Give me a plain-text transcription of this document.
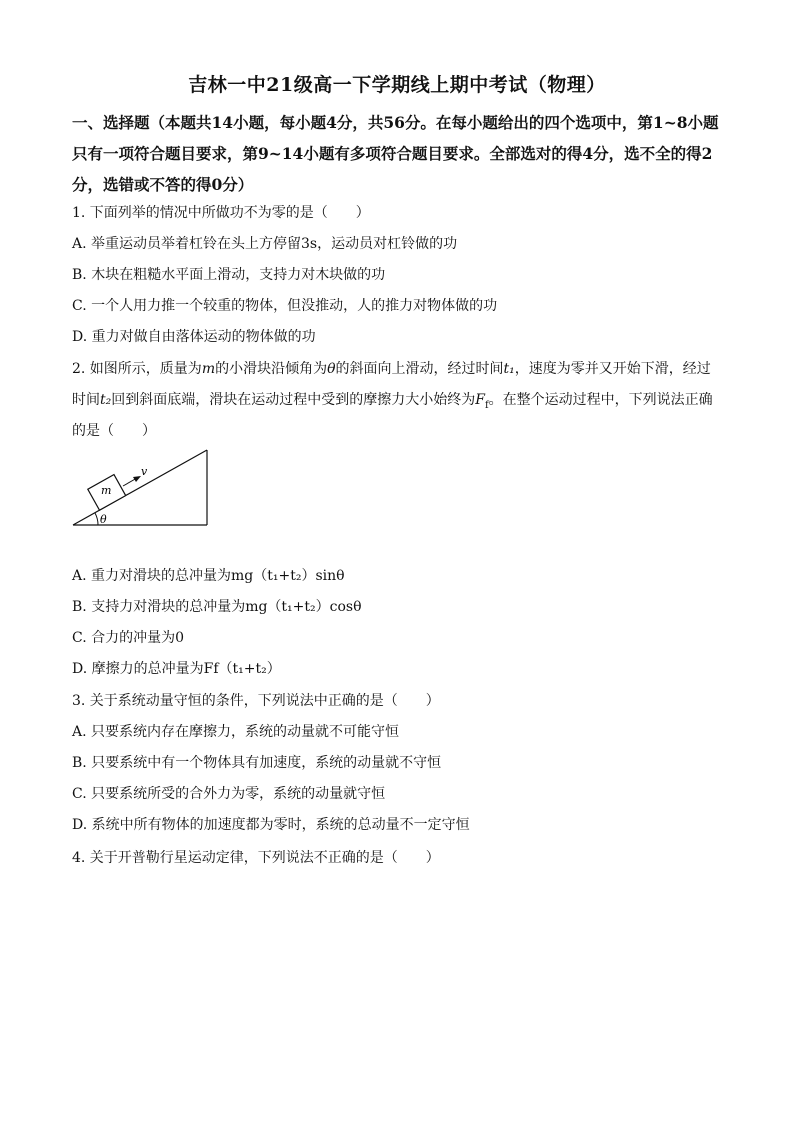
吉林一中21级高一下学期线上期中考试（物理）
一、选择题（本题共14小题，每小题4分，共56分。在每小题给出的四个选项中，第1~8小题只有一项符合题目要求，第9~14小题有多项符合题目要求。全部选对的得4分，选不全的得2分，选错或不答的得0分）
1. 下面列举的情况中所做功不为零的是（　　）
A. 举重运动员举着杠铃在头上方停留3s，运动员对杠铃做的功
B. 木块在粗糙水平面上滑动，支持力对木块做的功
C. 一个人用力推一个较重的物体，但没推动，人的推力对物体做的功
D. 重力对做自由落体运动的物体做的功
2. 如图所示，质量为m的小滑块沿倾角为θ的斜面向上滑动，经过时间t₁，速度为零并又开始下滑，经过
时间t₂回到斜面底端，滑块在运动过程中受到的摩擦力大小始终为$F_f$。在整个运动过程中，下列说法正确
的是（　　）
m
v
θ
A. 重力对滑块的总冲量为mg（t₁+t₂）sinθ
B. 支持力对滑块的总冲量为mg（t₁+t₂）cosθ
C. 合力的冲量为0
D. 摩擦力的总冲量为Ff（t₁+t₂）
3. 关于系统动量守恒的条件，下列说法中正确的是（　　）
A. 只要系统内存在摩擦力，系统的动量就不可能守恒
B. 只要系统中有一个物体具有加速度，系统的动量就不守恒
C. 只要系统所受的合外力为零，系统的动量就守恒
D. 系统中所有物体的加速度都为零时，系统的总动量不一定守恒
4. 关于开普勒行星运动定律，下列说法不正确的是（　　）
